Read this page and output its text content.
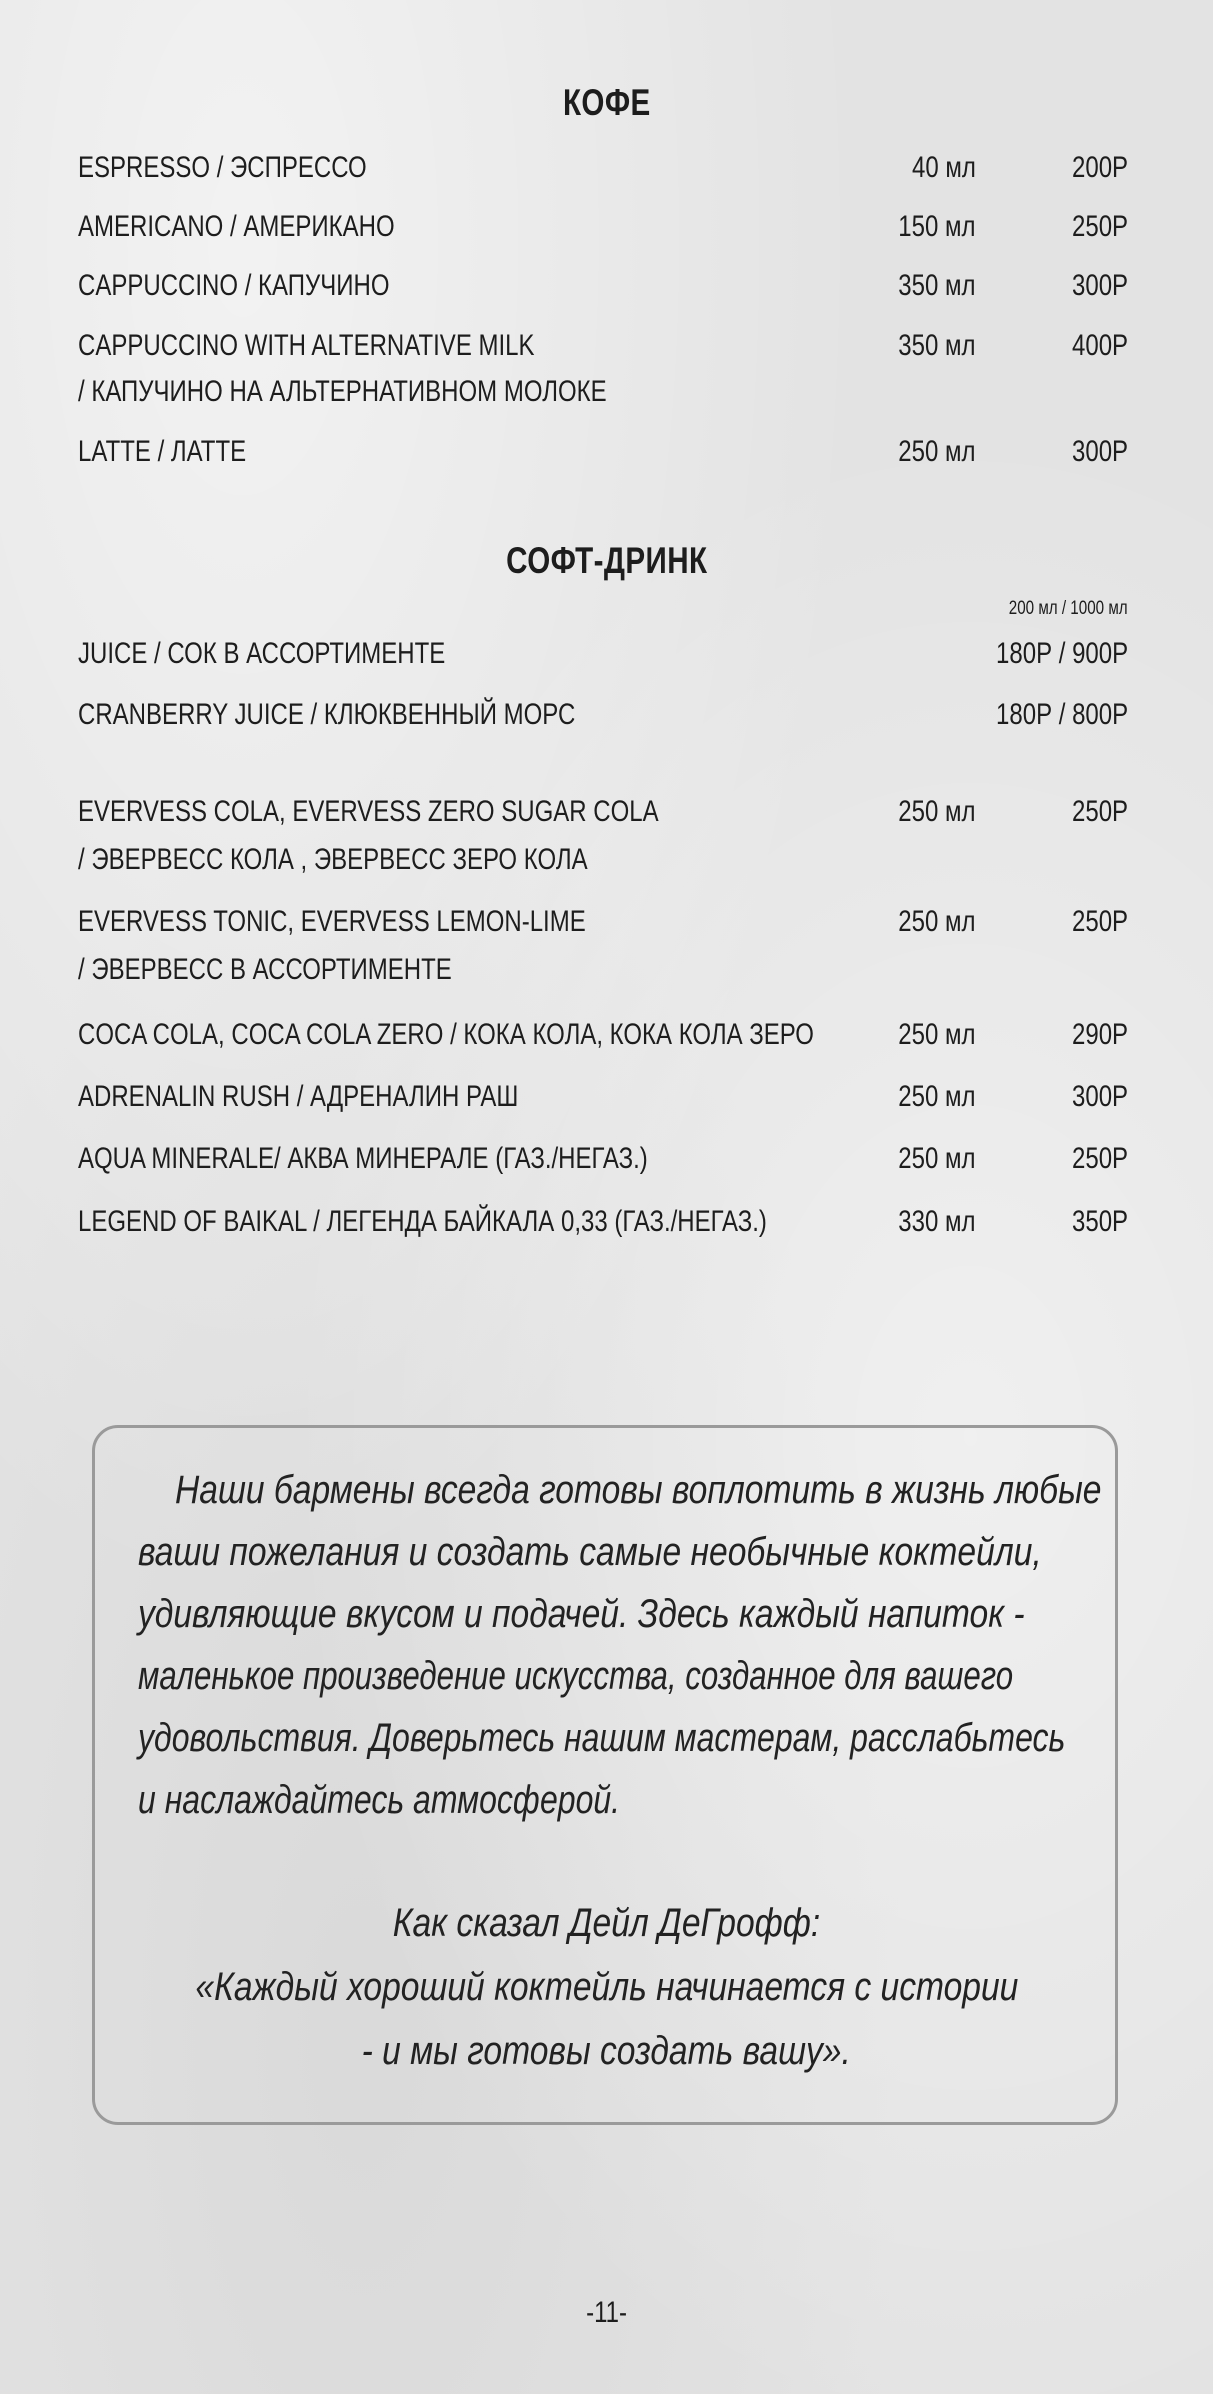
КОФЕ
ESPRESSO / ЭСПРЕССО	40 мл	200Р
AMERICANO / АМЕРИКАНО	150 мл	250Р
CAPPUCCINO / КАПУЧИНО	350 мл	300Р
CAPPUCCINO WITH ALTERNATIVE MILK
/ КАПУЧИНО НА АЛЬТЕРНАТИВНОМ МОЛОКЕ
350 мл	400Р
LATTE / ЛАТТЕ	250 мл	300Р
СОФТ-ДРИНК
200 мл / 1000 мл
JUICE / СОК В АССОРТИМЕНТЕ	180Р / 900Р
CRANBERRY JUICE / КЛЮКВЕННЫЙ МОРС	180Р / 800Р
EVERVESS COLA, EVERVESS ZERO SUGAR COLA
/ ЭВЕРВЕСС КОЛА , ЭВЕРВЕСС ЗЕРО КОЛА
250 мл	250Р
EVERVESS TONIC, EVERVESS LEMON-LIME
/ ЭВЕРВЕСС В АССОРТИМЕНТЕ
250 мл	250Р
COCA COLA, COCA COLA ZERO / КОКА КОЛА, КОКА КОЛА ЗЕРО	250 мл	290Р
ADRENALIN RUSH / АДРЕНАЛИН РАШ	250 мл	300Р
AQUA MINERALE/ АКВА МИНЕРАЛЕ (ГАЗ./НЕГАЗ.)	250 мл	250Р
LEGEND OF BAIKAL / ЛЕГЕНДА БАЙКАЛА 0,33 (ГАЗ./НЕГАЗ.)	330 мл	350Р
Наши бармены всегда готовы воплотить в жизнь любые
ваши пожелания и создать самые необычные коктейли,
удивляющие вкусом и подачей. Здесь каждый напиток -
маленькое произведение искусства, созданное для вашего
удовольствия. Доверьтесь нашим мастерам, расслабьтесь
и наслаждайтесь атмосферой.
Как сказал Дейл ДеГрофф:
«Каждый хороший коктейль начинается с истории
- и мы готовы создать вашу».
-11-
